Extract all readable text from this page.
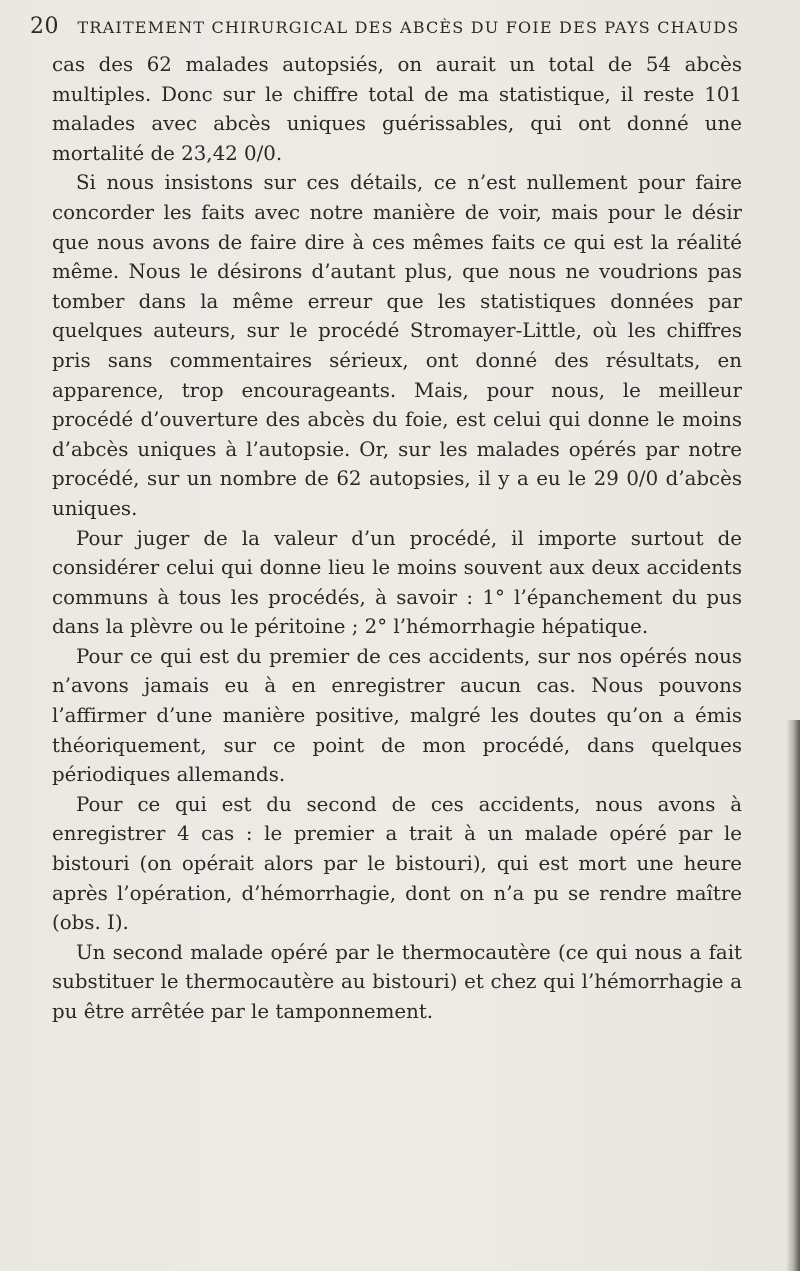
20 TRAITEMENT CHIRURGICAL DES ABCÈS DU FOIE DES PAYS CHAUDS

cas des 62 malades autopsiés, on aurait un total de 54 abcès multiples. Donc sur le chiffre total de ma statistique, il reste 101 malades avec abcès uniques guérissables, qui ont donné une mortalité de 23,42 0/0.

Si nous insistons sur ces détails, ce n’est nullement pour faire concorder les faits avec notre manière de voir, mais pour le désir que nous avons de faire dire à ces mêmes faits ce qui est la réalité même. Nous le désirons d’autant plus, que nous ne voudrions pas tomber dans la même erreur que les statistiques données par quelques auteurs, sur le procédé Stromayer-Little, où les chiffres pris sans commentaires sérieux, ont donné des résultats, en apparence, trop encourageants. Mais, pour nous, le meilleur procédé d’ouverture des abcès du foie, est celui qui donne le moins d’abcès uniques à l’autopsie. Or, sur les malades opérés par notre procédé, sur un nombre de 62 autopsies, il y a eu le 29 0/0 d’abcès uniques.

Pour juger de la valeur d’un procédé, il importe surtout de considérer celui qui donne lieu le moins souvent aux deux accidents communs à tous les procédés, à savoir : 1° l’épanchement du pus dans la plèvre ou le péritoine ; 2° l’hémorrhagie hépatique.

Pour ce qui est du premier de ces accidents, sur nos opérés nous n’avons jamais eu à en enregistrer aucun cas. Nous pouvons l’affirmer d’une manière positive, malgré les doutes qu’on a émis théoriquement, sur ce point de mon procédé, dans quelques périodiques allemands.

Pour ce qui est du second de ces accidents, nous avons à enregistrer 4 cas : le premier a trait à un malade opéré par le bistouri (on opérait alors par le bistouri), qui est mort une heure après l’opération, d’hémorrhagie, dont on n’a pu se rendre maître (obs. I).

Un second malade opéré par le thermocautère (ce qui nous a fait substituer le thermocautère au bistouri) et chez qui l’hémorrhagie a pu être arrêtée par le tamponnement.
